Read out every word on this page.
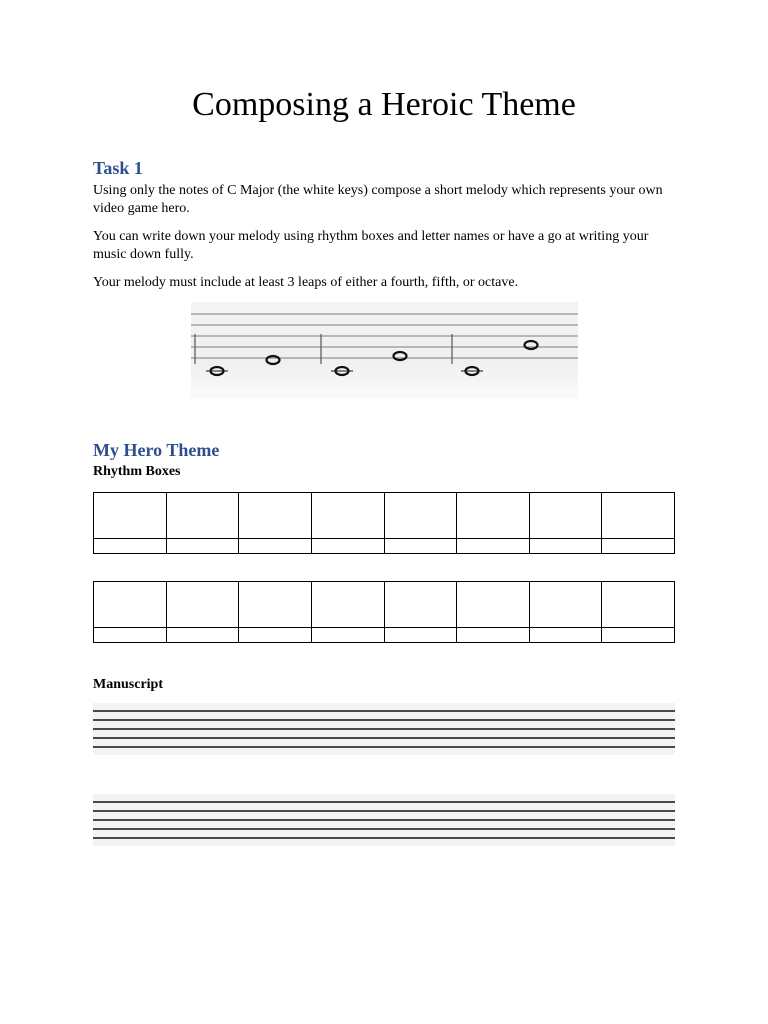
Composing a Heroic Theme
Task 1
Using only the notes of C Major (the white keys) compose a short melody which represents your own video game hero.
You can write down your melody using rhythm boxes and letter names or have a go at writing your music down fully.
Your melody must include at least 3 leaps of either a fourth, fifth, or octave.
My Hero Theme
Rhythm Boxes

Manuscript
